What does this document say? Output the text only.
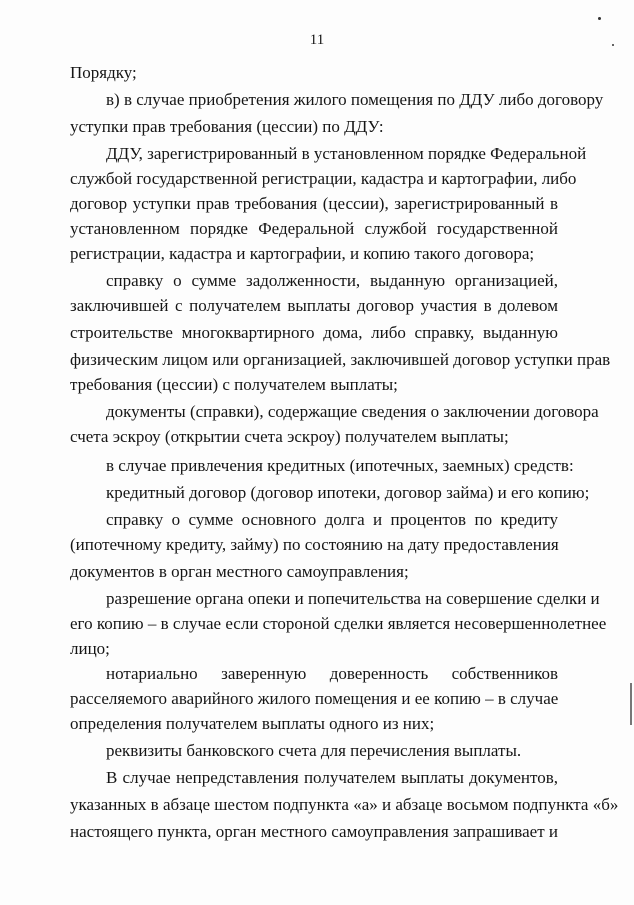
11
Порядку;
в) в случае приобретения жилого помещения по ДДУ либо договору
уступки прав требования (цессии) по ДДУ:
ДДУ, зарегистрированный в установленном порядке Федеральной
службой государственной регистрации, кадастра и картографии, либо
договор уступки прав требования (цессии), зарегистрированный в
установленном порядке Федеральной службой государственной
регистрации, кадастра и картографии, и копию такого договора;
справку о сумме задолженности, выданную организацией,
заключившей с получателем выплаты договор участия в долевом
строительстве многоквартирного дома, либо справку, выданную
физическим лицом или организацией, заключившей договор уступки прав
требования (цессии) с получателем выплаты;
документы (справки), содержащие сведения о заключении договора
счета эскроу (открытии счета эскроу) получателем выплаты;
в случае привлечения кредитных (ипотечных, заемных) средств:
кредитный договор (договор ипотеки, договор займа) и его копию;
справку о сумме основного долга и процентов по кредиту
(ипотечному кредиту, займу) по состоянию на дату предоставления
документов в орган местного самоуправления;
разрешение органа опеки и попечительства на совершение сделки и
его копию – в случае если стороной сделки является несовершеннолетнее
лицо;
нотариально заверенную доверенность собственников
расселяемого аварийного жилого помещения и ее копию – в случае
определения получателем выплаты одного из них;
реквизиты банковского счета для перечисления выплаты.
В случае непредставления получателем выплаты документов,
указанных в абзаце шестом подпункта «а» и абзаце восьмом подпункта «б»
настоящего пункта, орган местного самоуправления запрашивает и
